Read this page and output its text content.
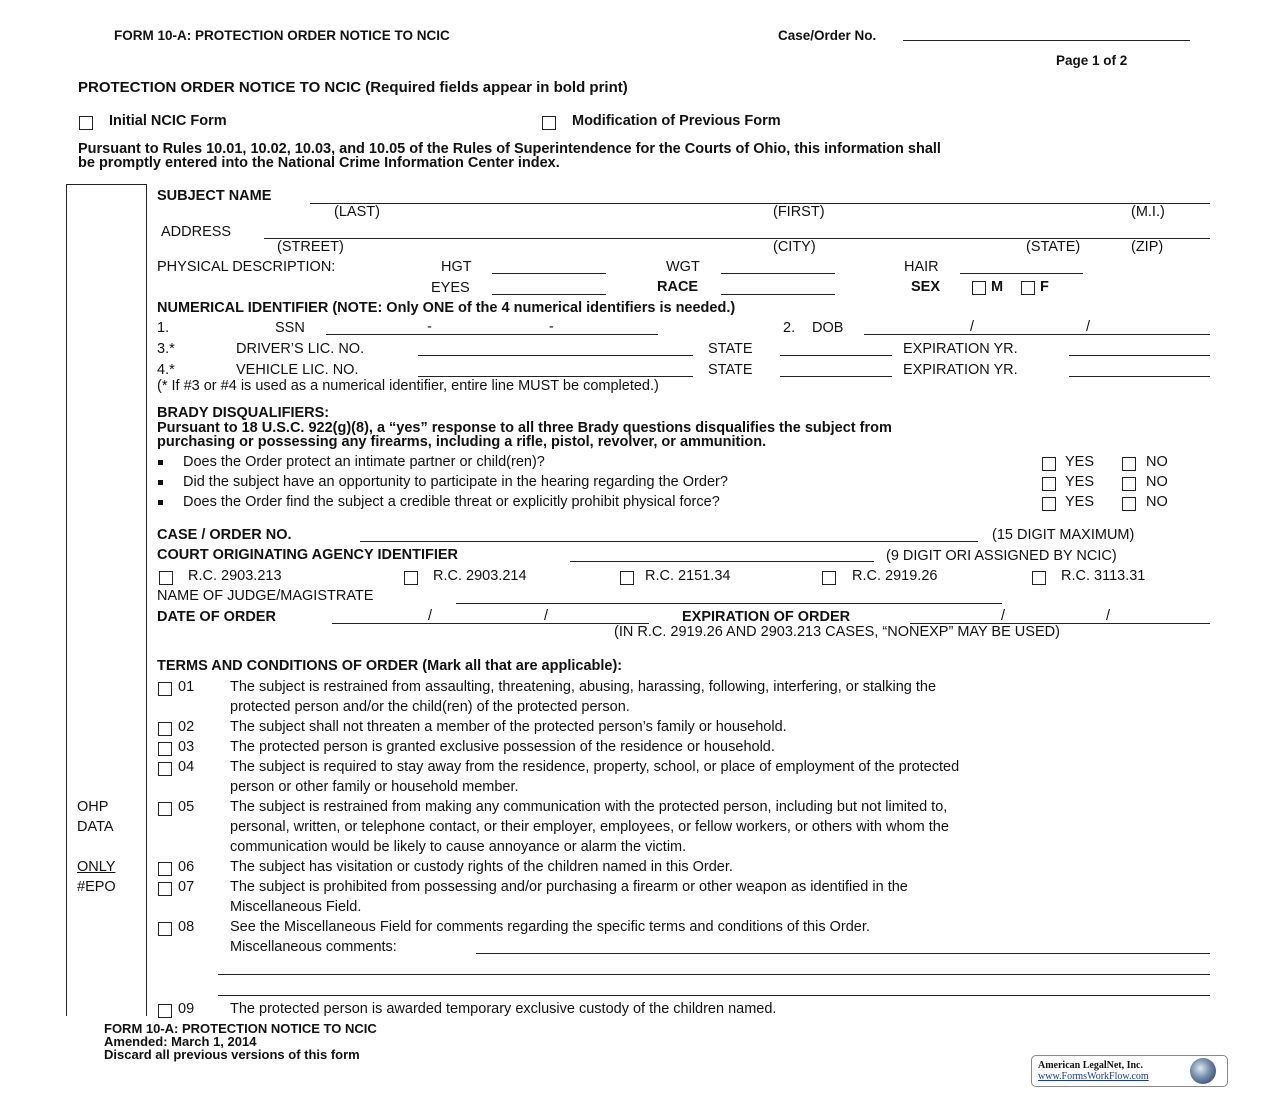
FORM 10-A: PROTECTION ORDER NOTICE TO NCIC	Case/Order No.
Page 1 of 2
PROTECTION ORDER NOTICE TO NCIC (Required fields appear in bold print)
Initial NCIC Form	Modification of Previous Form
Pursuant to Rules 10.01, 10.02, 10.03, and 10.05 of the Rules of Superintendence for the Courts of Ohio, this information shall
be promptly entered into the National Crime Information Center index.
SUBJECT NAME
(LAST)	(FIRST)	(M.I.)
ADDRESS
(STREET)	(CITY)	(STATE)	(ZIP)
PHYSICAL DESCRIPTION:	HGT	WGT	HAIR
EYES	RACE	SEX	M	F
NUMERICAL IDENTIFIER (NOTE: Only ONE of the 4 numerical identifiers is needed.)
1.	SSN	-	-	2. DOB	/	/
3.*	DRIVER’S LIC. NO.	STATE	EXPIRATION YR.
4.*	VEHICLE LIC. NO.	STATE	EXPIRATION YR.
(* If #3 or #4 is used as a numerical identifier, entire line MUST be completed.)
BRADY DISQUALIFIERS:
Pursuant to 18 U.S.C. 922(g)(8), a “yes” response to all three Brady questions disqualifies the subject from
purchasing or possessing any firearms, including a rifle, pistol, revolver, or ammunition.
Does the Order protect an intimate partner or child(ren)?	YES	NO
Did the subject have an opportunity to participate in the hearing regarding the Order?	YES	NO
Does the Order find the subject a credible threat or explicitly prohibit physical force?	YES	NO
CASE / ORDER NO.	(15 DIGIT MAXIMUM)
COURT ORIGINATING AGENCY IDENTIFIER	(9 DIGIT ORI ASSIGNED BY NCIC)
R.C. 2903.213	R.C. 2903.214	R.C. 2151.34	R.C. 2919.26	R.C. 3113.31
NAME OF JUDGE/MAGISTRATE
DATE OF ORDER	/	/	EXPIRATION OF ORDER	/	/
(IN R.C. 2919.26 AND 2903.213 CASES, “NONEXP” MAY BE USED)
TERMS AND CONDITIONS OF ORDER (Mark all that are applicable):
01 The subject is restrained from assaulting, threatening, abusing, harassing, following, interfering, or stalking the
protected person and/or the child(ren) of the protected person.
02 The subject shall not threaten a member of the protected person’s family or household.
03 The protected person is granted exclusive possession of the residence or household.
04 The subject is required to stay away from the residence, property, school, or place of employment of the protected
person or other family or household member.
05 The subject is restrained from making any communication with the protected person, including but not limited to,
personal, written, or telephone contact, or their employer, employees, or fellow workers, or others with whom the
communication would be likely to cause annoyance or alarm the victim.
06 The subject has visitation or custody rights of the children named in this Order.
07 The subject is prohibited from possessing and/or purchasing a firearm or other weapon as identified in the
Miscellaneous Field.
08 See the Miscellaneous Field for comments regarding the specific terms and conditions of this Order.
Miscellaneous comments:
09 The protected person is awarded temporary exclusive custody of the children named.
OHP
DATA
ONLY
#EPO
FORM 10-A: PROTECTION NOTICE TO NCIC
Amended: March 1, 2014
Discard all previous versions of this form
American LegalNet, Inc.
www.FormsWorkFlow.com
